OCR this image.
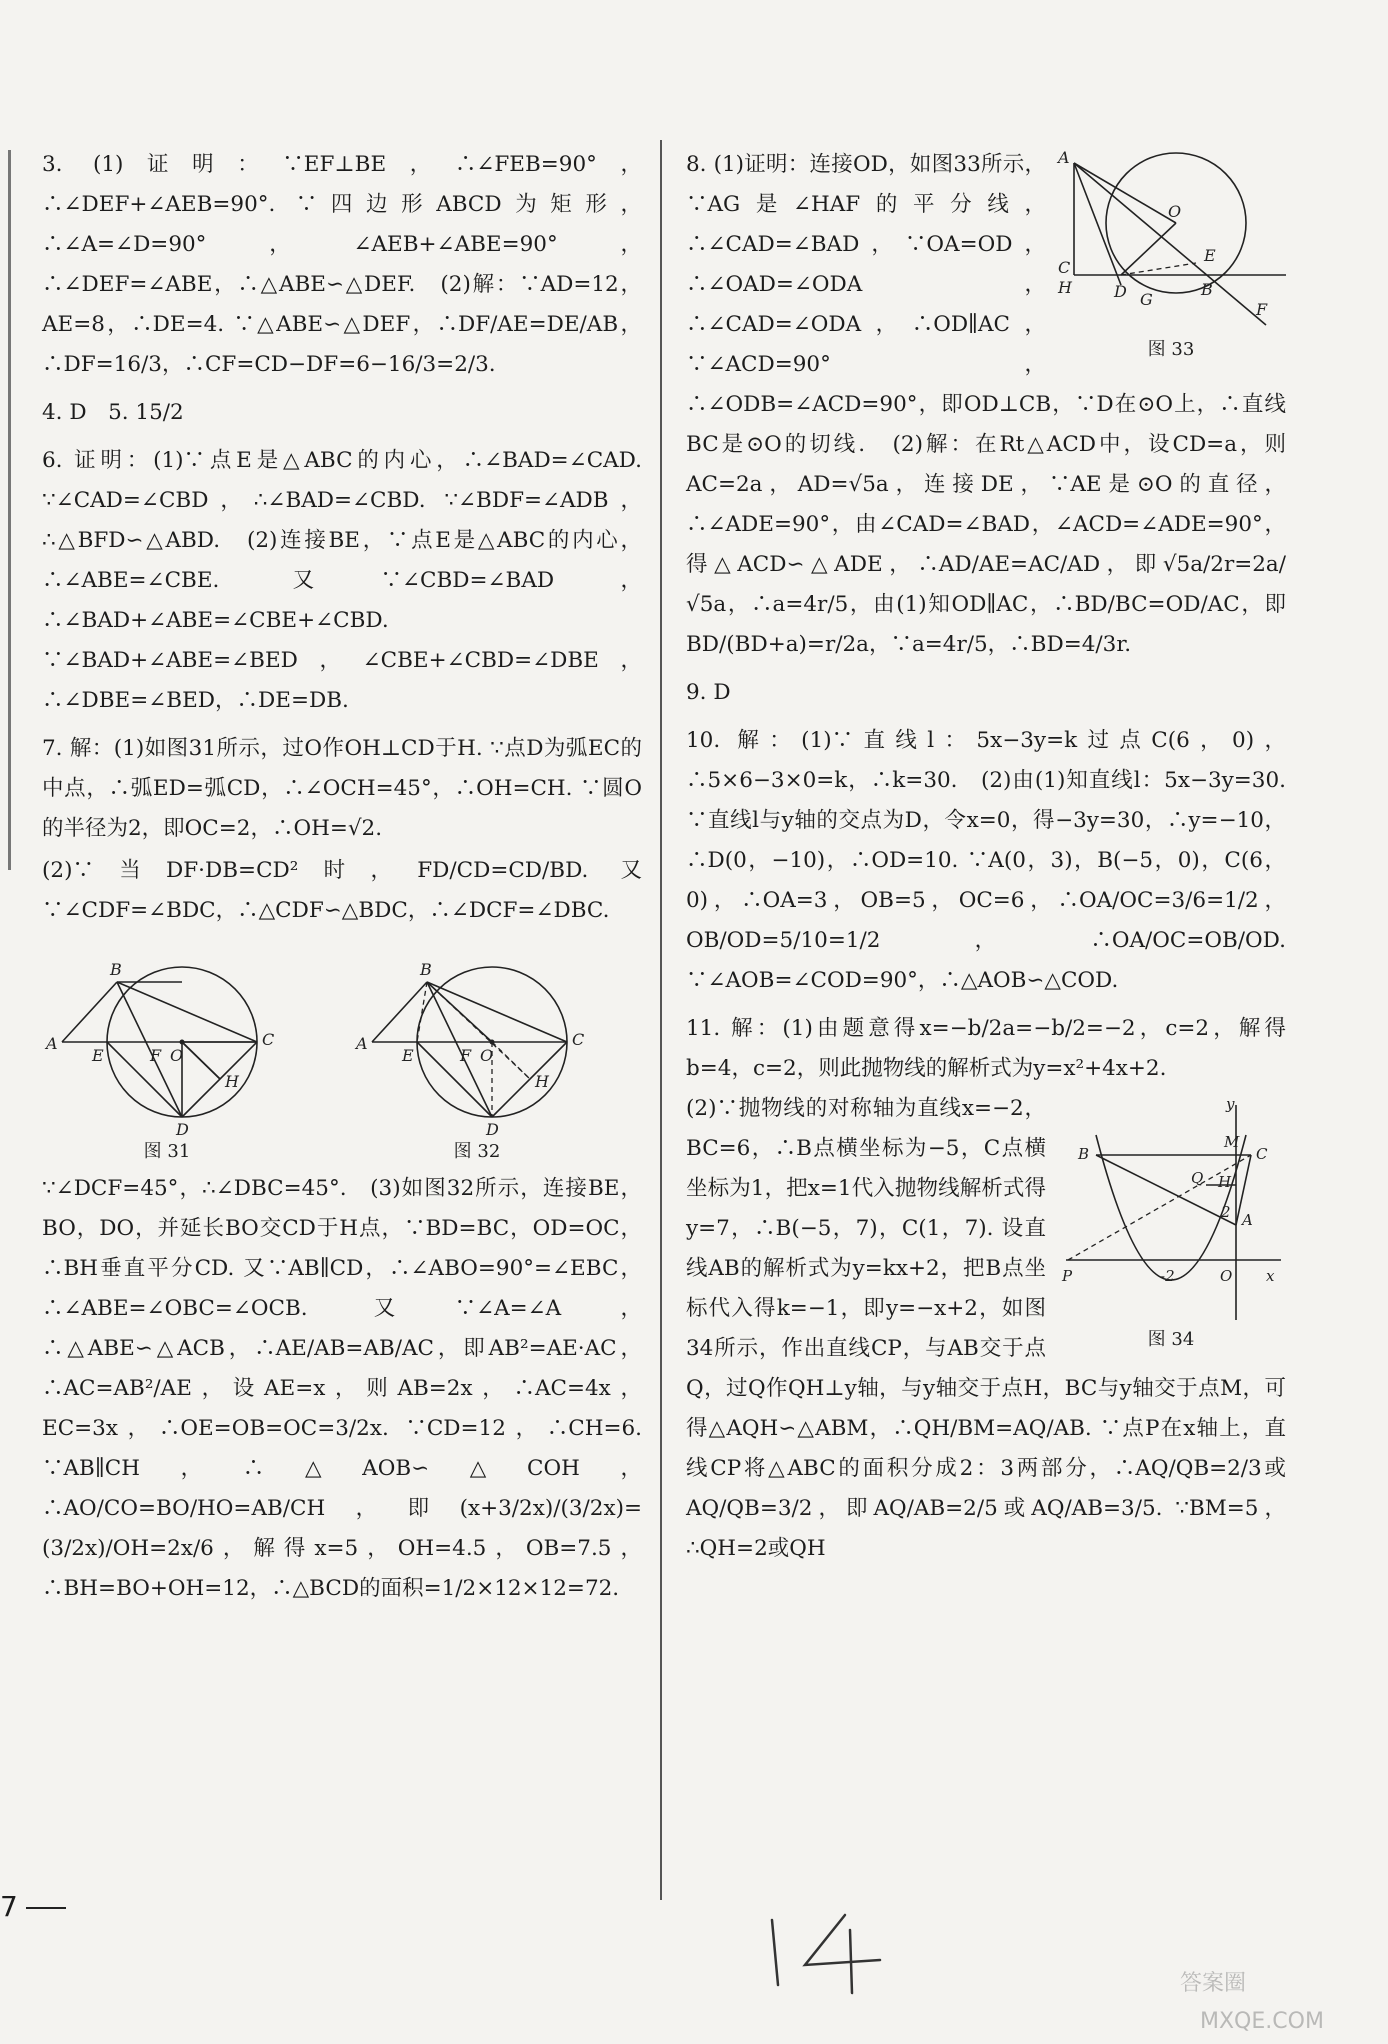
3. (1)证明：∵EF⊥BE，∴∠FEB=90°，∴∠DEF+∠AEB=90°. ∵四边形ABCD为矩形，∴∠A=∠D=90°，∠AEB+∠ABE=90°，∴∠DEF=∠ABE，∴△ABE∽△DEF.　(2)解：∵AD=12，AE=8，∴DE=4. ∵△ABE∽△DEF，∴DF/AE=DE/AB，∴DF=16/3，∴CF=CD−DF=6−16/3=2/3.

4. D　5. 15/2

6. 证明：(1)∵点E是△ABC的内心，∴∠BAD=∠CAD. ∵∠CAD=∠CBD，∴∠BAD=∠CBD. ∵∠BDF=∠ADB，∴△BFD∽△ABD.　(2)连接BE，∵点E是△ABC的内心，∴∠ABE=∠CBE. 又∵∠CBD=∠BAD，∴∠BAD+∠ABE=∠CBE+∠CBD. ∵∠BAD+∠ABE=∠BED，∠CBE+∠CBD=∠DBE，∴∠DBE=∠BED，∴DE=DB.

7. 解：(1)如图31所示，过O作OH⊥CD于H. ∵点D为弧EC的中点，∴弧ED=弧CD，∴∠OCH=45°，∴OH=CH. ∵圆O的半径为2，即OC=2，∴OH=√2.

(2)∵当DF·DB=CD²时，FD/CD=CD/BD. 又∵∠CDF=∠BDC，∴△CDF∽△BDC，∴∠DCF=∠DBC.

B
A
E	F O
C
H
D
图 31
B
A
E	F O
C
H
D
图 32

∵∠DCF=45°，∴∠DBC=45°.　(3)如图32所示，连接BE，BO，DO，并延长BO交CD于H点，∵BD=BC，OD=OC，∴BH垂直平分CD. 又∵AB∥CD，∴∠ABO=90°=∠EBC，∴∠ABE=∠OBC=∠OCB. 又∵∠A=∠A，∴△ABE∽△ACB，∴AE/AB=AB/AC，即AB²=AE·AC，∴AC=AB²/AE，设AE=x，则AB=2x，∴AC=4x，EC=3x，∴OE=OB=OC=3/2x. ∵CD=12，∴CH=6. ∵AB∥CH，∴△AOB∽△COH，∴AO/CO=BO/HO=AB/CH，即(x+3/2x)/(3/2x)=(3/2x)/OH=2x/6，解得x=5，OH=4.5，OB=7.5，∴BH=BO+OH=12，∴△BCD的面积=1/2×12×12=72.

A
O
E
C
H	D G
B
F
图 33

8. (1)证明：连接OD，如图33所示，∵AG是∠HAF的平分线，∴∠CAD=∠BAD，∵OA=OD，∴∠OAD=∠ODA，∴∠CAD=∠ODA，∴OD∥AC，∵∠ACD=90°，∴∠ODB=∠ACD=90°，即OD⊥CB，∵D在⊙O上，∴直线BC是⊙O的切线.　(2)解：在Rt△ACD中，设CD=a，则AC=2a，AD=√5a，连接DE，∵AE是⊙O的直径，∴∠ADE=90°，由∠CAD=∠BAD，∠ACD=∠ADE=90°，得△ACD∽△ADE，∴AD/AE=AC/AD，即√5a/2r=2a/√5a，∴a=4r/5，由(1)知OD∥AC，∴BD/BC=OD/AC，即BD/(BD+a)=r/2a，∵a=4r/5，∴BD=4/3r.

9. D

10. 解：(1)∵直线l：5x−3y=k过点C(6，0)，∴5×6−3×0=k，∴k=30.　(2)由(1)知直线l：5x−3y=30. ∵直线l与y轴的交点为D，令x=0，得−3y=30，∴y=−10，∴D(0，−10)，∴OD=10. ∵A(0，3)，B(−5，0)，C(6，0)，∴OA=3，OB=5，OC=6，∴OA/OC=3/6=1/2，OB/OD=5/10=1/2，∴OA/OC=OB/OD. ∵∠AOB=∠COD=90°，∴△AOB∽△COD.

11. 解：(1)由题意得x=−b/2a=−b/2=−2，c=2，解得b=4，c=2，则此抛物线的解析式为y=x²+4x+2.

y
M
C
B
Q H
2 A
P	-2	O x
图 34

(2)∵抛物线的对称轴为直线x=−2，BC=6，∴B点横坐标为−5，C点横坐标为1，把x=1代入抛物线解析式得y=7，∴B(−5，7)，C(1，7). 设直线AB的解析式为y=kx+2，把B点坐标代入得k=−1，即y=−x+2，如图34所示，作出直线CP，与AB交于点Q，过Q作QH⊥y轴，与y轴交于点H，BC与y轴交于点M，可得△AQH∽△ABM，∴QH/BM=AQ/AB. ∵点P在x轴上，直线CP将△ABC的面积分成2：3两部分，∴AQ/QB=2/3或AQ/QB=3/2，即AQ/AB=2/5或AQ/AB=3/5. ∵BM=5，∴QH=2或QH

7	14
答案圈
MXQE.COM
